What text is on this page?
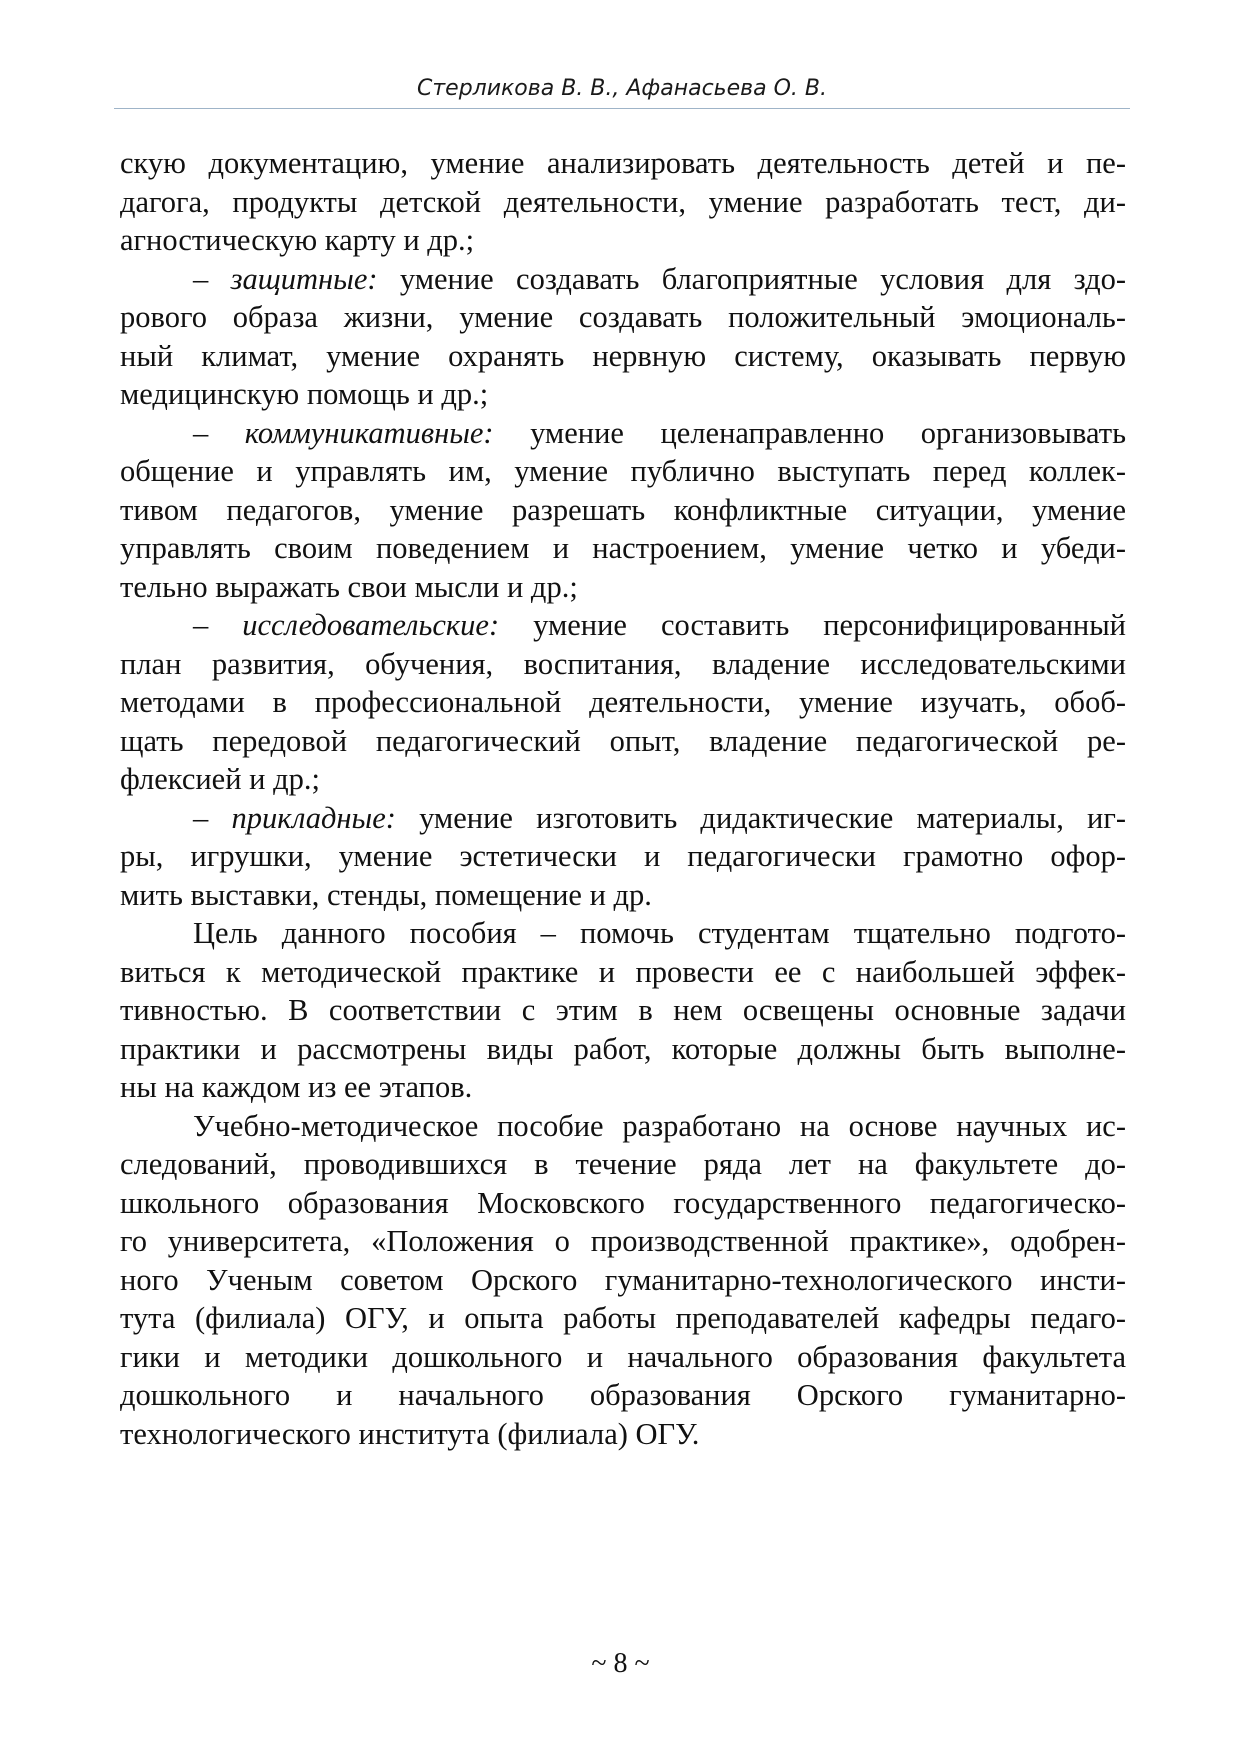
Стерликова В. В., Афанасьева О. В.
скую документацию, умение анализировать деятельность детей и пе-
дагога, продукты детской деятельности, умение разработать тест, ди-
агностическую карту и др.;
– защитные: умение создавать благоприятные условия для здо-
рового образа жизни, умение создавать положительный эмоциональ-
ный климат, умение охранять нервную систему, оказывать первую
медицинскую помощь и др.;
– коммуникативные: умение целенаправленно организовывать
общение и управлять им, умение публично выступать перед коллек-
тивом педагогов, умение разрешать конфликтные ситуации, умение
управлять своим поведением и настроением, умение четко и убеди-
тельно выражать свои мысли и др.;
– исследовательские: умение составить персонифицированный
план развития, обучения, воспитания, владение исследовательскими
методами в профессиональной деятельности, умение изучать, обоб-
щать передовой педагогический опыт, владение педагогической ре-
флексией и др.;
– прикладные: умение изготовить дидактические материалы, иг-
ры, игрушки, умение эстетически и педагогически грамотно офор-
мить выставки, стенды, помещение и др.
Цель данного пособия – помочь студентам тщательно подгото-
виться к методической практике и провести ее с наибольшей эффек-
тивностью. В соответствии с этим в нем освещены основные задачи
практики и рассмотрены виды работ, которые должны быть выполне-
ны на каждом из ее этапов.
Учебно-методическое пособие разработано на основе научных ис-
следований, проводившихся в течение ряда лет на факультете до-
школьного образования Московского государственного педагогическо-
го университета, «Положения о производственной практике», одобрен-
ного Ученым советом Орского гуманитарно-технологического инсти-
тута (филиала) ОГУ, и опыта работы преподавателей кафедры педаго-
гики и методики дошкольного и начального образования факультета
дошкольного и начального образования Орского гуманитарно-
технологического института (филиала) ОГУ.
~ 8 ~
